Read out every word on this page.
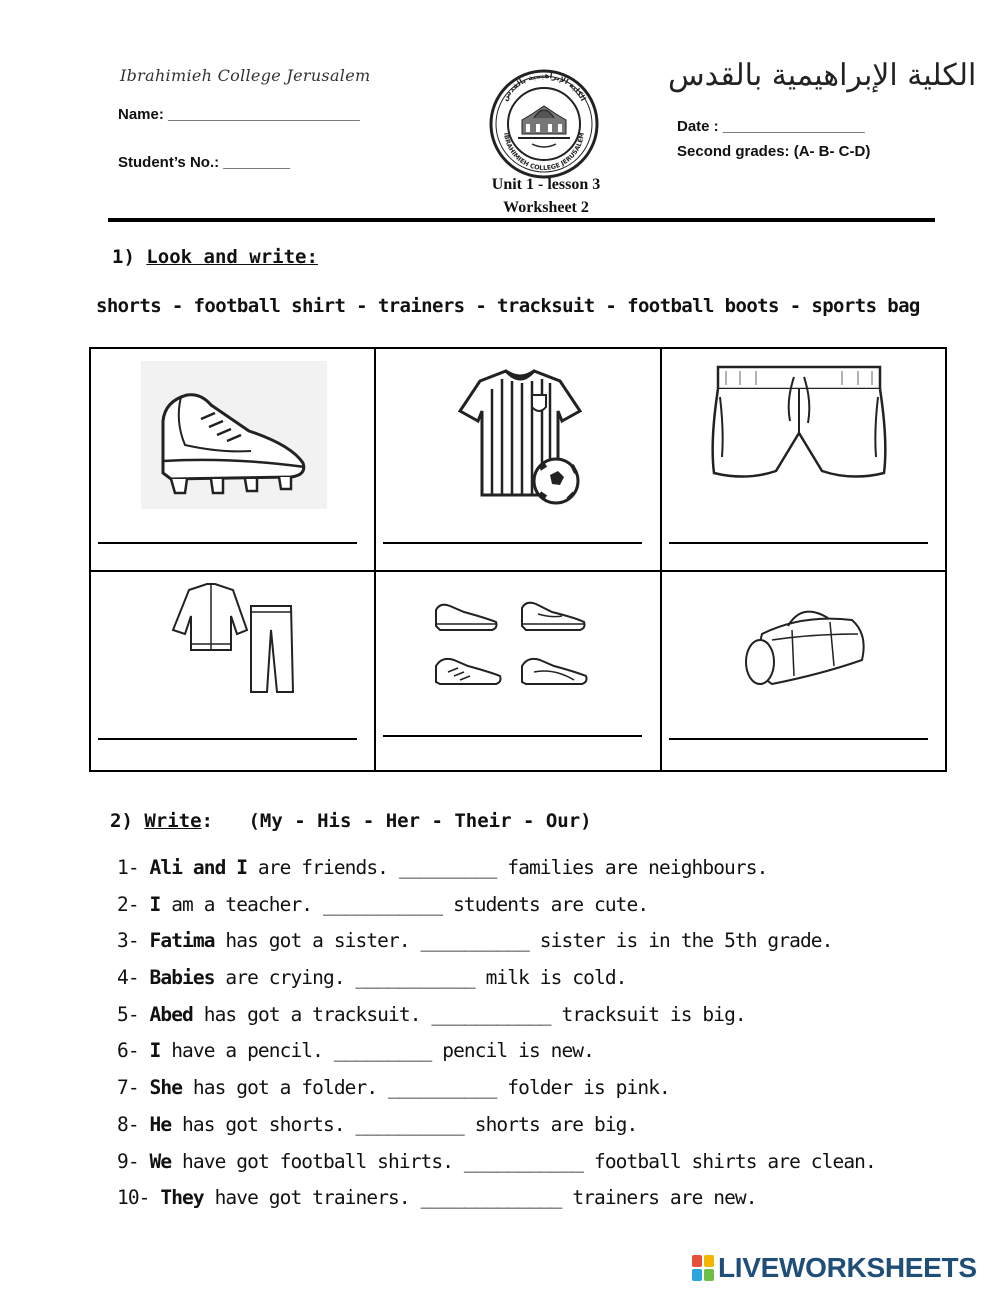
Ibrahimieh College Jerusalem
Name: _______________________
Student’s No.: ________
IBRAHIMIEH COLLEGE JERUSALEM
الكلية الإبراهيمية بالقدس
الكلية الإبراهيمية بالقدس
Date : _________________
Second grades: (A- B- C-D)
Unit 1 - lesson 3
Worksheet 2
1) Look and write:
shorts - football shirt - trainers - tracksuit - football boots - sports bag

2) Write: (My - His - Her - Their - Our)
1- Ali and I are friends. _________ families are neighbours.
2- I am a teacher. ___________ students are cute.
3- Fatima has got a sister. __________ sister is in the 5th grade.
4- Babies are crying. ___________ milk is cold.
5- Abed has got a tracksuit. ___________ tracksuit is big.
6- I have a pencil. _________ pencil is new.
7- She has got a folder. __________ folder is pink.
8- He has got shorts. __________ shorts are big.
9- We have got football shirts. ___________ football shirts are clean.
10- They have got trainers. _____________ trainers are new.
LIVEWORKSHEETS
